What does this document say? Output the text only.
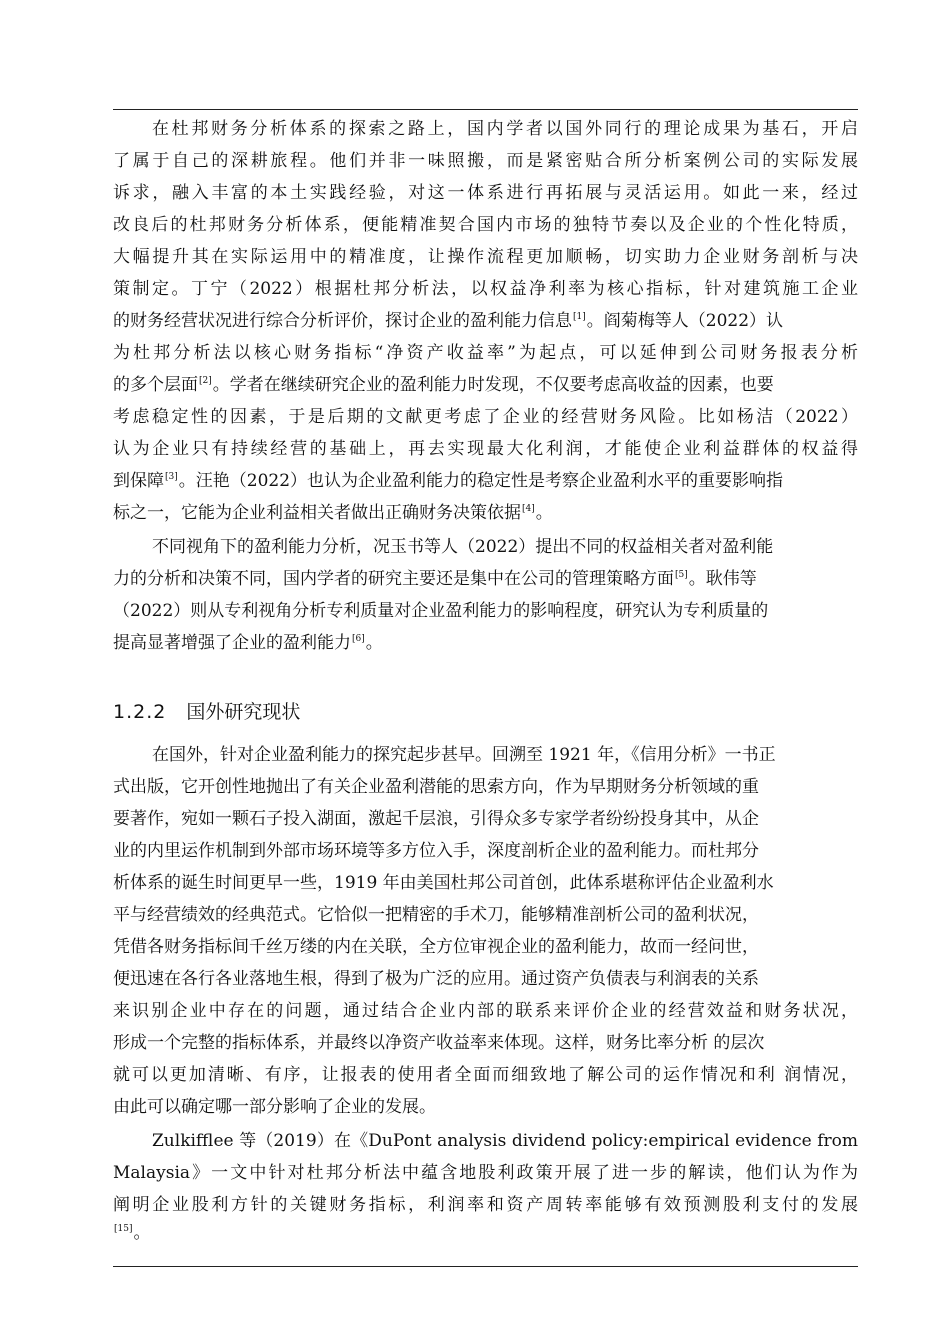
在杜邦财务分析体系的探索之路上，国内学者以国外同行的理论成果为基石，开启
了属于自己的深耕旅程。他们并非一味照搬，而是紧密贴合所分析案例公司的实际发展
诉求，融入丰富的本土实践经验，对这一体系进行再拓展与灵活运用。如此一来，经过
改良后的杜邦财务分析体系，便能精准契合国内市场的独特节奏以及企业的个性化特质，
大幅提升其在实际运用中的精准度，让操作流程更加顺畅，切实助力企业财务剖析与决
策制定。丁宁（2022）根据杜邦分析法，以权益净利率为核心指标，针对建筑施工企业
的财务经营状况进行综合分析评价，探讨企业的盈利能力信息[1]。阎菊梅等人（2022）认
为杜邦分析法以核心财务指标“净资产收益率”为起点，可以延伸到公司财务报表分析
的多个层面[2]。学者在继续研究企业的盈利能力时发现，不仅要考虑高收益的因素，也要
考虑稳定性的因素，于是后期的文献更考虑了企业的经营财务风险。比如杨洁（2022）
认为企业只有持续经营的基础上，再去实现最大化利润，才能使企业利益群体的权益得
到保障[3]。汪艳（2022）也认为企业盈利能力的稳定性是考察企业盈利水平的重要影响指
标之一，它能为企业利益相关者做出正确财务决策依据[4]。
不同视角下的盈利能力分析，况玉书等人（2022）提出不同的权益相关者对盈利能
力的分析和决策不同，国内学者的研究主要还是集中在公司的管理策略方面[5]。耿伟等
（2022）则从专利视角分析专利质量对企业盈利能力的影响程度，研究认为专利质量的
提高显著增强了企业的盈利能力[6]。
1.2.2 国外研究现状
在国外，针对企业盈利能力的探究起步甚早。回溯至 1921 年，《信用分析》一书正
式出版，它开创性地抛出了有关企业盈利潜能的思索方向，作为早期财务分析领域的重
要著作，宛如一颗石子投入湖面，激起千层浪，引得众多专家学者纷纷投身其中，从企
业的内里运作机制到外部市场环境等多方位入手，深度剖析企业的盈利能力。而杜邦分
析体系的诞生时间更早一些，1919 年由美国杜邦公司首创，此体系堪称评估企业盈利水
平与经营绩效的经典范式。它恰似一把精密的手术刀，能够精准剖析公司的盈利状况，
凭借各财务指标间千丝万缕的内在关联，全方位审视企业的盈利能力，故而一经问世，
便迅速在各行各业落地生根，得到了极为广泛的应用。通过资产负债表与利润表的关系
来识别企业中存在的问题，通过结合企业内部的联系来评价企业的经营效益和财务状况，
形成一个完整的指标体系，并最终以净资产收益率来体现。这样，财务比率分析 的层次
就可以更加清晰、有序，让报表的使用者全面而细致地了解公司的运作情况和利 润情况，
由此可以确定哪一部分影响了企业的发展。
Zulkifflee 等（2019）在《DuPont analysis dividend policy:empirical evidence from
Malaysia》一文中针对杜邦分析法中蕴含地股利政策开展了进一步的解读，他们认为作为
阐明企业股利方针的关键财务指标，利润率和资产周转率能够有效预测股利支付的发展
[15]。
